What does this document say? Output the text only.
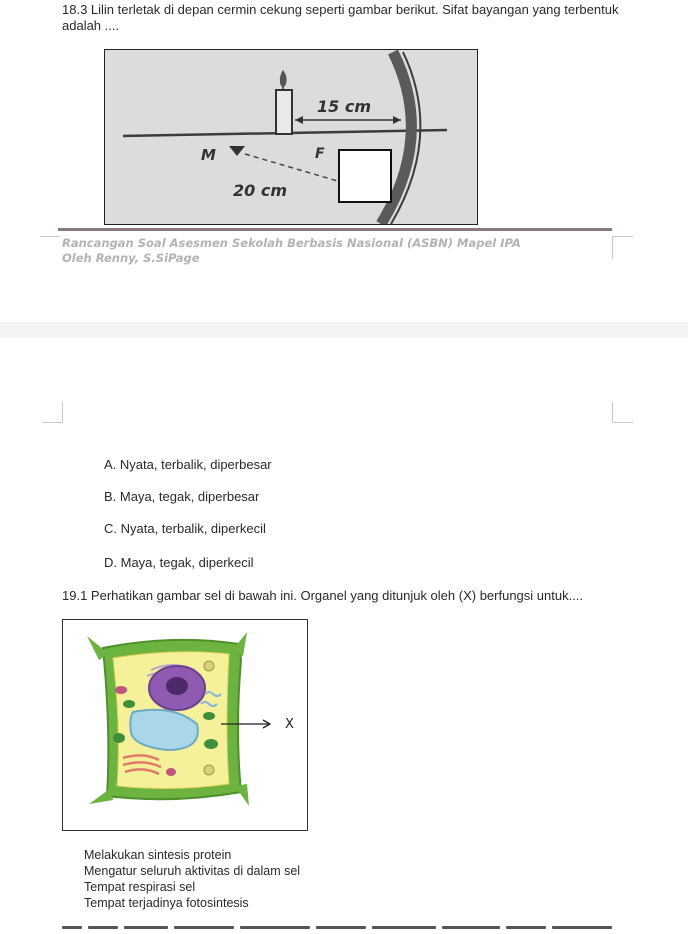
18.3 Lilin terletak di depan cermin cekung seperti gambar berikut. Sifat bayangan yang terbentuk adalah ....
15 cm
M	F
20 cm
Rancangan Soal Asesmen Sekolah Berbasis Nasional (ASBN) Mapel IPA
Oleh Renny, S.SiPage
A. Nyata, terbalik, diperbesar
B. Maya, tegak, diperbesar
C. Nyata, terbalik, diperkecil
D. Maya, tegak, diperkecil
19.1 Perhatikan gambar sel di bawah ini. Organel yang ditunjuk oleh (X) berfungsi untuk....
X
Melakukan sintesis protein
Mengatur seluruh aktivitas di dalam sel
Tempat respirasi sel
Tempat terjadinya fotosintesis
